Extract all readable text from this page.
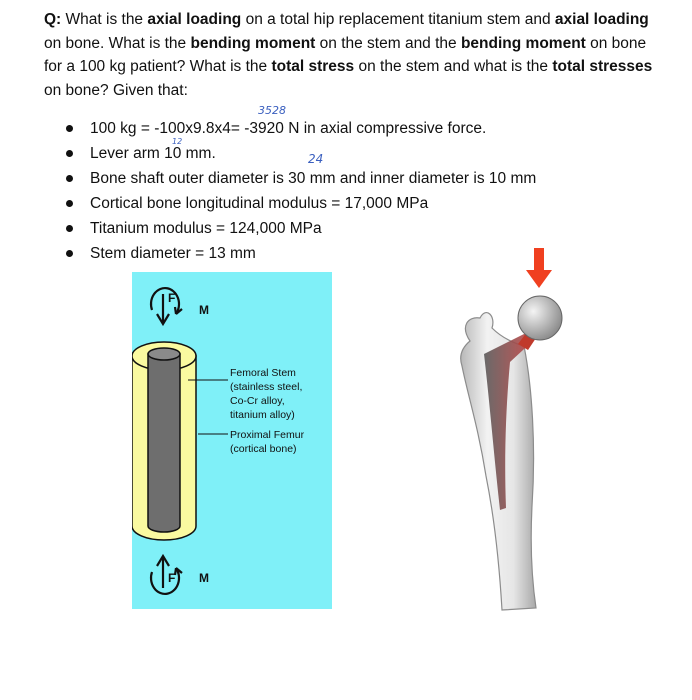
Q: What is the axial loading on a total hip replacement titanium stem and axial loading on bone. What is the bending moment on the stem and the bending moment on bone for a 100 kg patient? What is the total stress on the stem and what is the total stresses on bone? Given that:
3528
12
24
100 kg = -100x9.8x4= -3920 N in axial compressive force.
Lever arm 10 mm.
Bone shaft outer diameter is 30 mm and inner diameter is 10 mm
Cortical bone longitudinal modulus = 17,000 MPa
Titanium modulus = 124,000 MPa
Stem diameter = 13 mm
F
M
Femoral Stem
(stainless steel,
Co-Cr alloy,
titanium alloy)
Proximal Femur
(cortical bone)
F M
